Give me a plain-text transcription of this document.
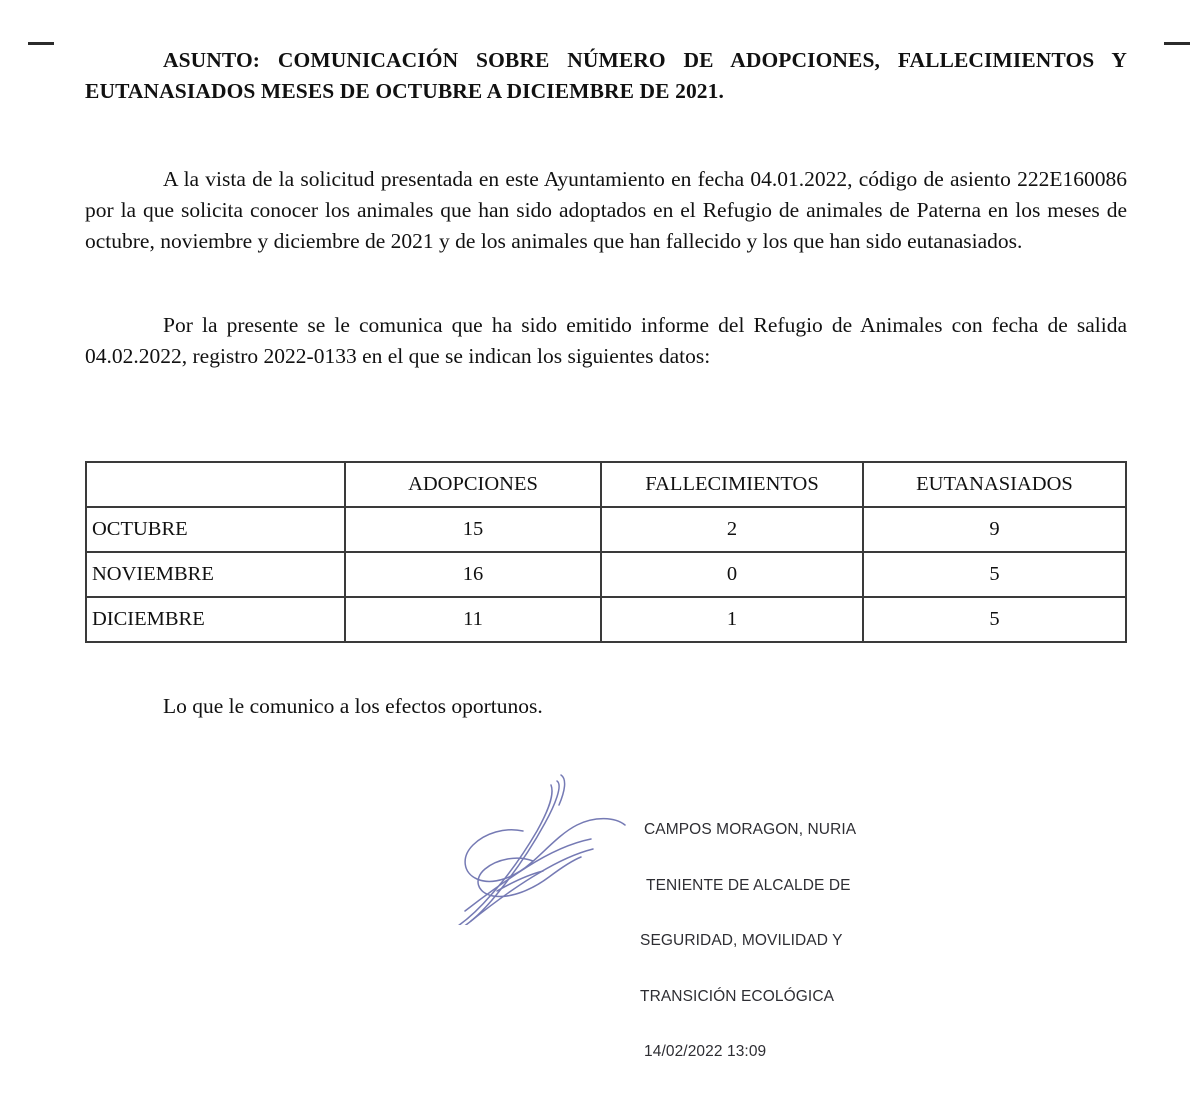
ASUNTO: COMUNICACIÓN SOBRE NÚMERO DE ADOPCIONES, FALLECIMIENTOS Y EUTANASIADOS MESES DE OCTUBRE A DICIEMBRE DE 2021.

A la vista de la solicitud presentada en este Ayuntamiento en fecha 04.01.2022, código de asiento 222E160086 por la que solicita conocer los animales que han sido adoptados en el Refugio de animales de Paterna en los meses de octubre, noviembre y diciembre de 2021 y de los animales que han fallecido y los que han sido eutanasiados.

Por la presente se le comunica que ha sido emitido informe del Refugio de Animales con fecha de salida 04.02.2022, registro 2022-0133 en el que se indican los siguientes datos:

	ADOPCIONES	FALLECIMIENTOS	EUTANASIADOS
OCTUBRE	15	2	9
NOVIEMBRE	16	0	5
DICIEMBRE	11	1	5

Lo que le comunico a los efectos oportunos.

CAMPOS MORAGON, NURIA

TENIENTE DE ALCALDE DE

SEGURIDAD, MOVILIDAD Y

TRANSICIÓN ECOLÓGICA

14/02/2022 13:09
